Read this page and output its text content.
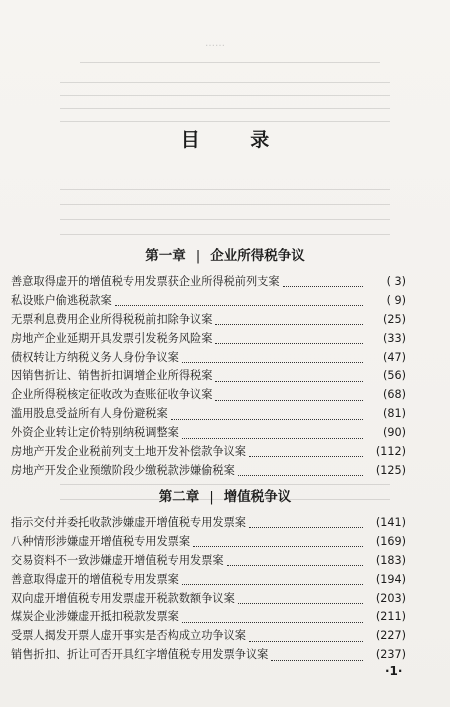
……
目 录
第一章 | 企业所得税争议
善意取得虚开的增值税专用发票获企业所得税前列支案	( 3)
私设账户偷逃税款案	( 9)
无票利息费用企业所得税税前扣除争议案	(25)
房地产企业延期开具发票引发税务风险案	(33)
债权转让方纳税义务人身份争议案	(47)
因销售折让、销售折扣调增企业所得税案	(56)
企业所得税核定征收改为查账征收争议案	(68)
滥用股息受益所有人身份避税案	(81)
外资企业转让定价特别纳税调整案	(90)
房地产开发企业税前列支土地开发补偿款争议案	(112)
房地产开发企业预缴阶段少缴税款涉嫌偷税案	(125)
第二章 | 增值税争议
指示交付并委托收款涉嫌虚开增值税专用发票案	(141)
八种情形涉嫌虚开增值税专用发票案	(169)
交易资料不一致涉嫌虚开增值税专用发票案	(183)
善意取得虚开的增值税专用发票案	(194)
双向虚开增值税专用发票虚开税款数额争议案	(203)
煤炭企业涉嫌虚开抵扣税款发票案	(211)
受票人揭发开票人虚开事实是否构成立功争议案	(227)
销售折扣、折让可否开具红字增值税专用发票争议案	(237)
·1·
